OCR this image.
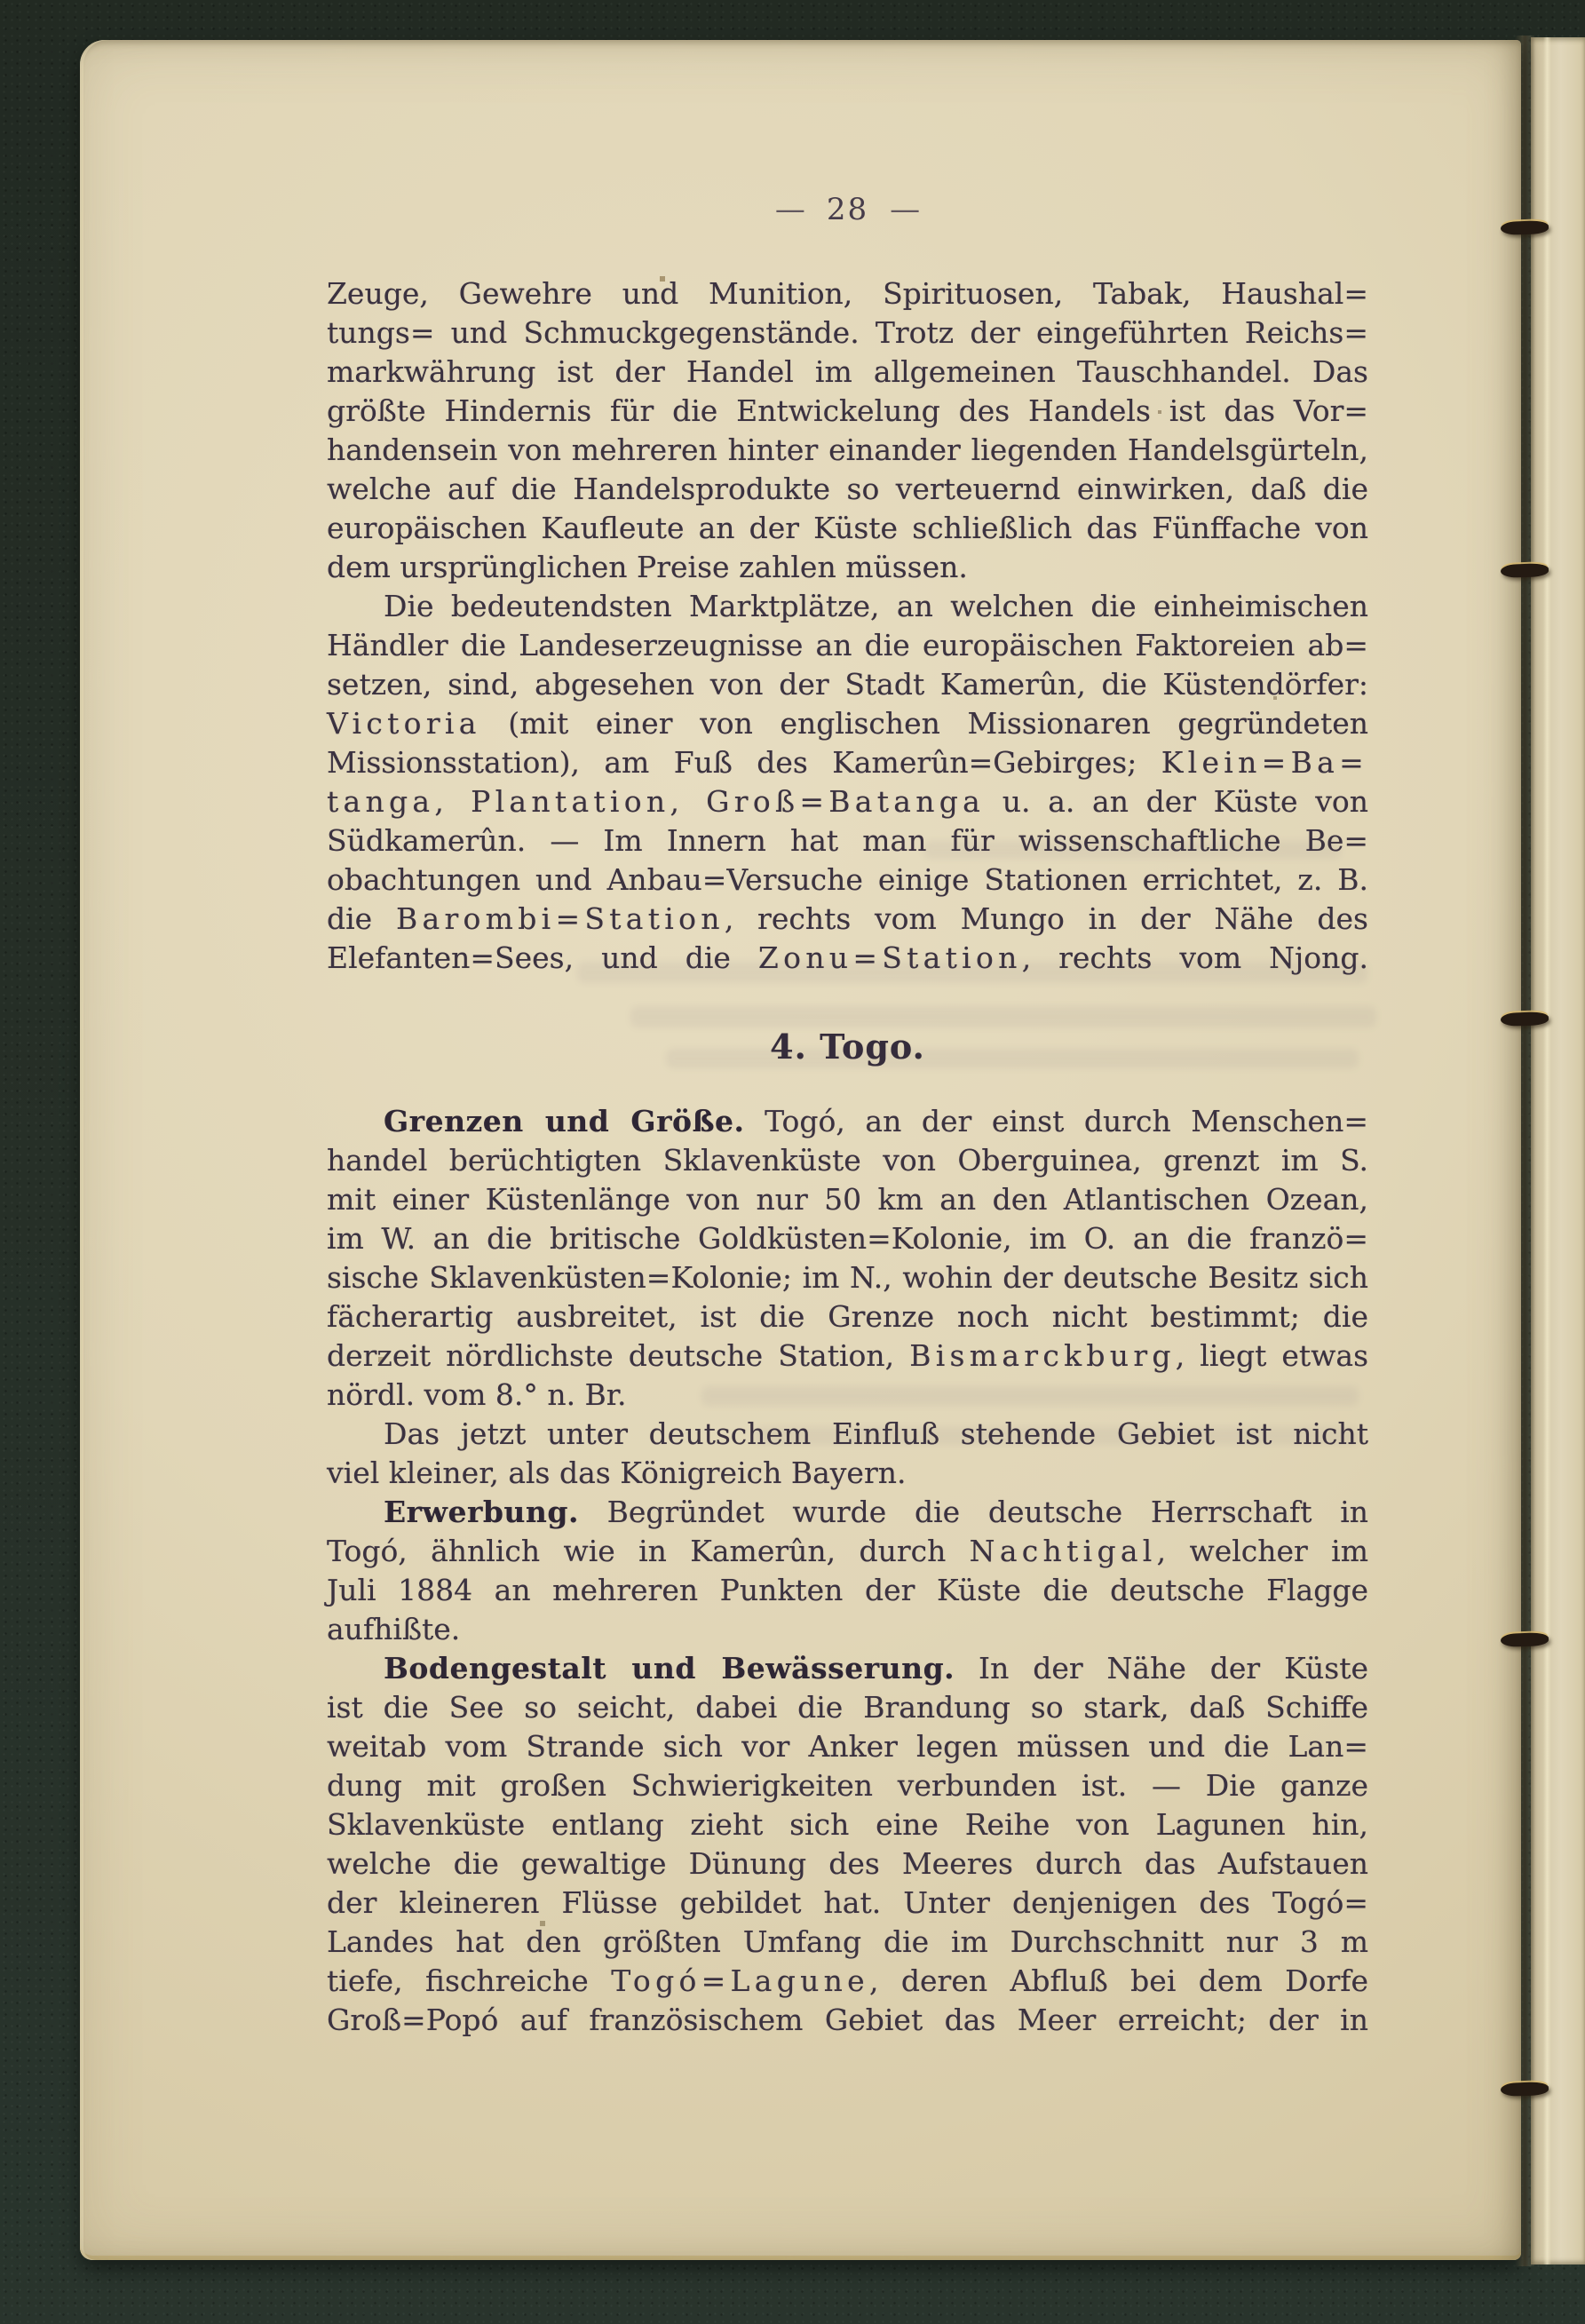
— 28 —
Zeuge, Gewehre und Munition, Spirituosen, Tabak, Haushal=
tungs= und Schmuckgegenstände. Trotz der eingeführten Reichs=
markwährung ist der Handel im allgemeinen Tauschhandel. Das
größte Hindernis für die Entwickelung des Handels ist das Vor=
handensein von mehreren hinter einander liegenden Handelsgürteln,
welche auf die Handelsprodukte so verteuernd einwirken, daß die
europäischen Kaufleute an der Küste schließlich das Fünffache von
dem ursprünglichen Preise zahlen müssen.
Die bedeutendsten Marktplätze, an welchen die einheimischen
Händler die Landeserzeugnisse an die europäischen Faktoreien ab=
setzen, sind, abgesehen von der Stadt Kamerûn, die Küstendörfer:
Victoria (mit einer von englischen Missionaren gegründeten
Missionsstation), am Fuß des Kamerûn=Gebirges; Klein=Ba=
tanga, Plantation, Groß=Batanga u. a. an der Küste von
Südkamerûn. — Im Innern hat man für wissenschaftliche Be=
obachtungen und Anbau=Versuche einige Stationen errichtet, z. B.
die Barombi=Station, rechts vom Mungo in der Nähe des
Elefanten=Sees, und die Zonu=Station, rechts vom Njong.
4. Togo.
Grenzen und Größe. Togó, an der einst durch Menschen=
handel berüchtigten Sklavenküste von Oberguinea, grenzt im S.
mit einer Küstenlänge von nur 50 km an den Atlantischen Ozean,
im W. an die britische Goldküsten=Kolonie, im O. an die franzö=
sische Sklavenküsten=Kolonie; im N., wohin der deutsche Besitz sich
fächerartig ausbreitet, ist die Grenze noch nicht bestimmt; die
derzeit nördlichste deutsche Station, Bismarckburg, liegt etwas
nördl. vom 8.° n. Br.
Das jetzt unter deutschem Einfluß stehende Gebiet ist nicht
viel kleiner, als das Königreich Bayern.
Erwerbung. Begründet wurde die deutsche Herrschaft in
Togó, ähnlich wie in Kamerûn, durch Nachtigal, welcher im
Juli 1884 an mehreren Punkten der Küste die deutsche Flagge
aufhißte.
Bodengestalt und Bewässerung. In der Nähe der Küste
ist die See so seicht, dabei die Brandung so stark, daß Schiffe
weitab vom Strande sich vor Anker legen müssen und die Lan=
dung mit großen Schwierigkeiten verbunden ist. — Die ganze
Sklavenküste entlang zieht sich eine Reihe von Lagunen hin,
welche die gewaltige Dünung des Meeres durch das Aufstauen
der kleineren Flüsse gebildet hat. Unter denjenigen des Togó=
Landes hat den größten Umfang die im Durchschnitt nur 3 m
tiefe, fischreiche Togó=Lagune, deren Abfluß bei dem Dorfe
Groß=Popó auf französischem Gebiet das Meer erreicht; der in
